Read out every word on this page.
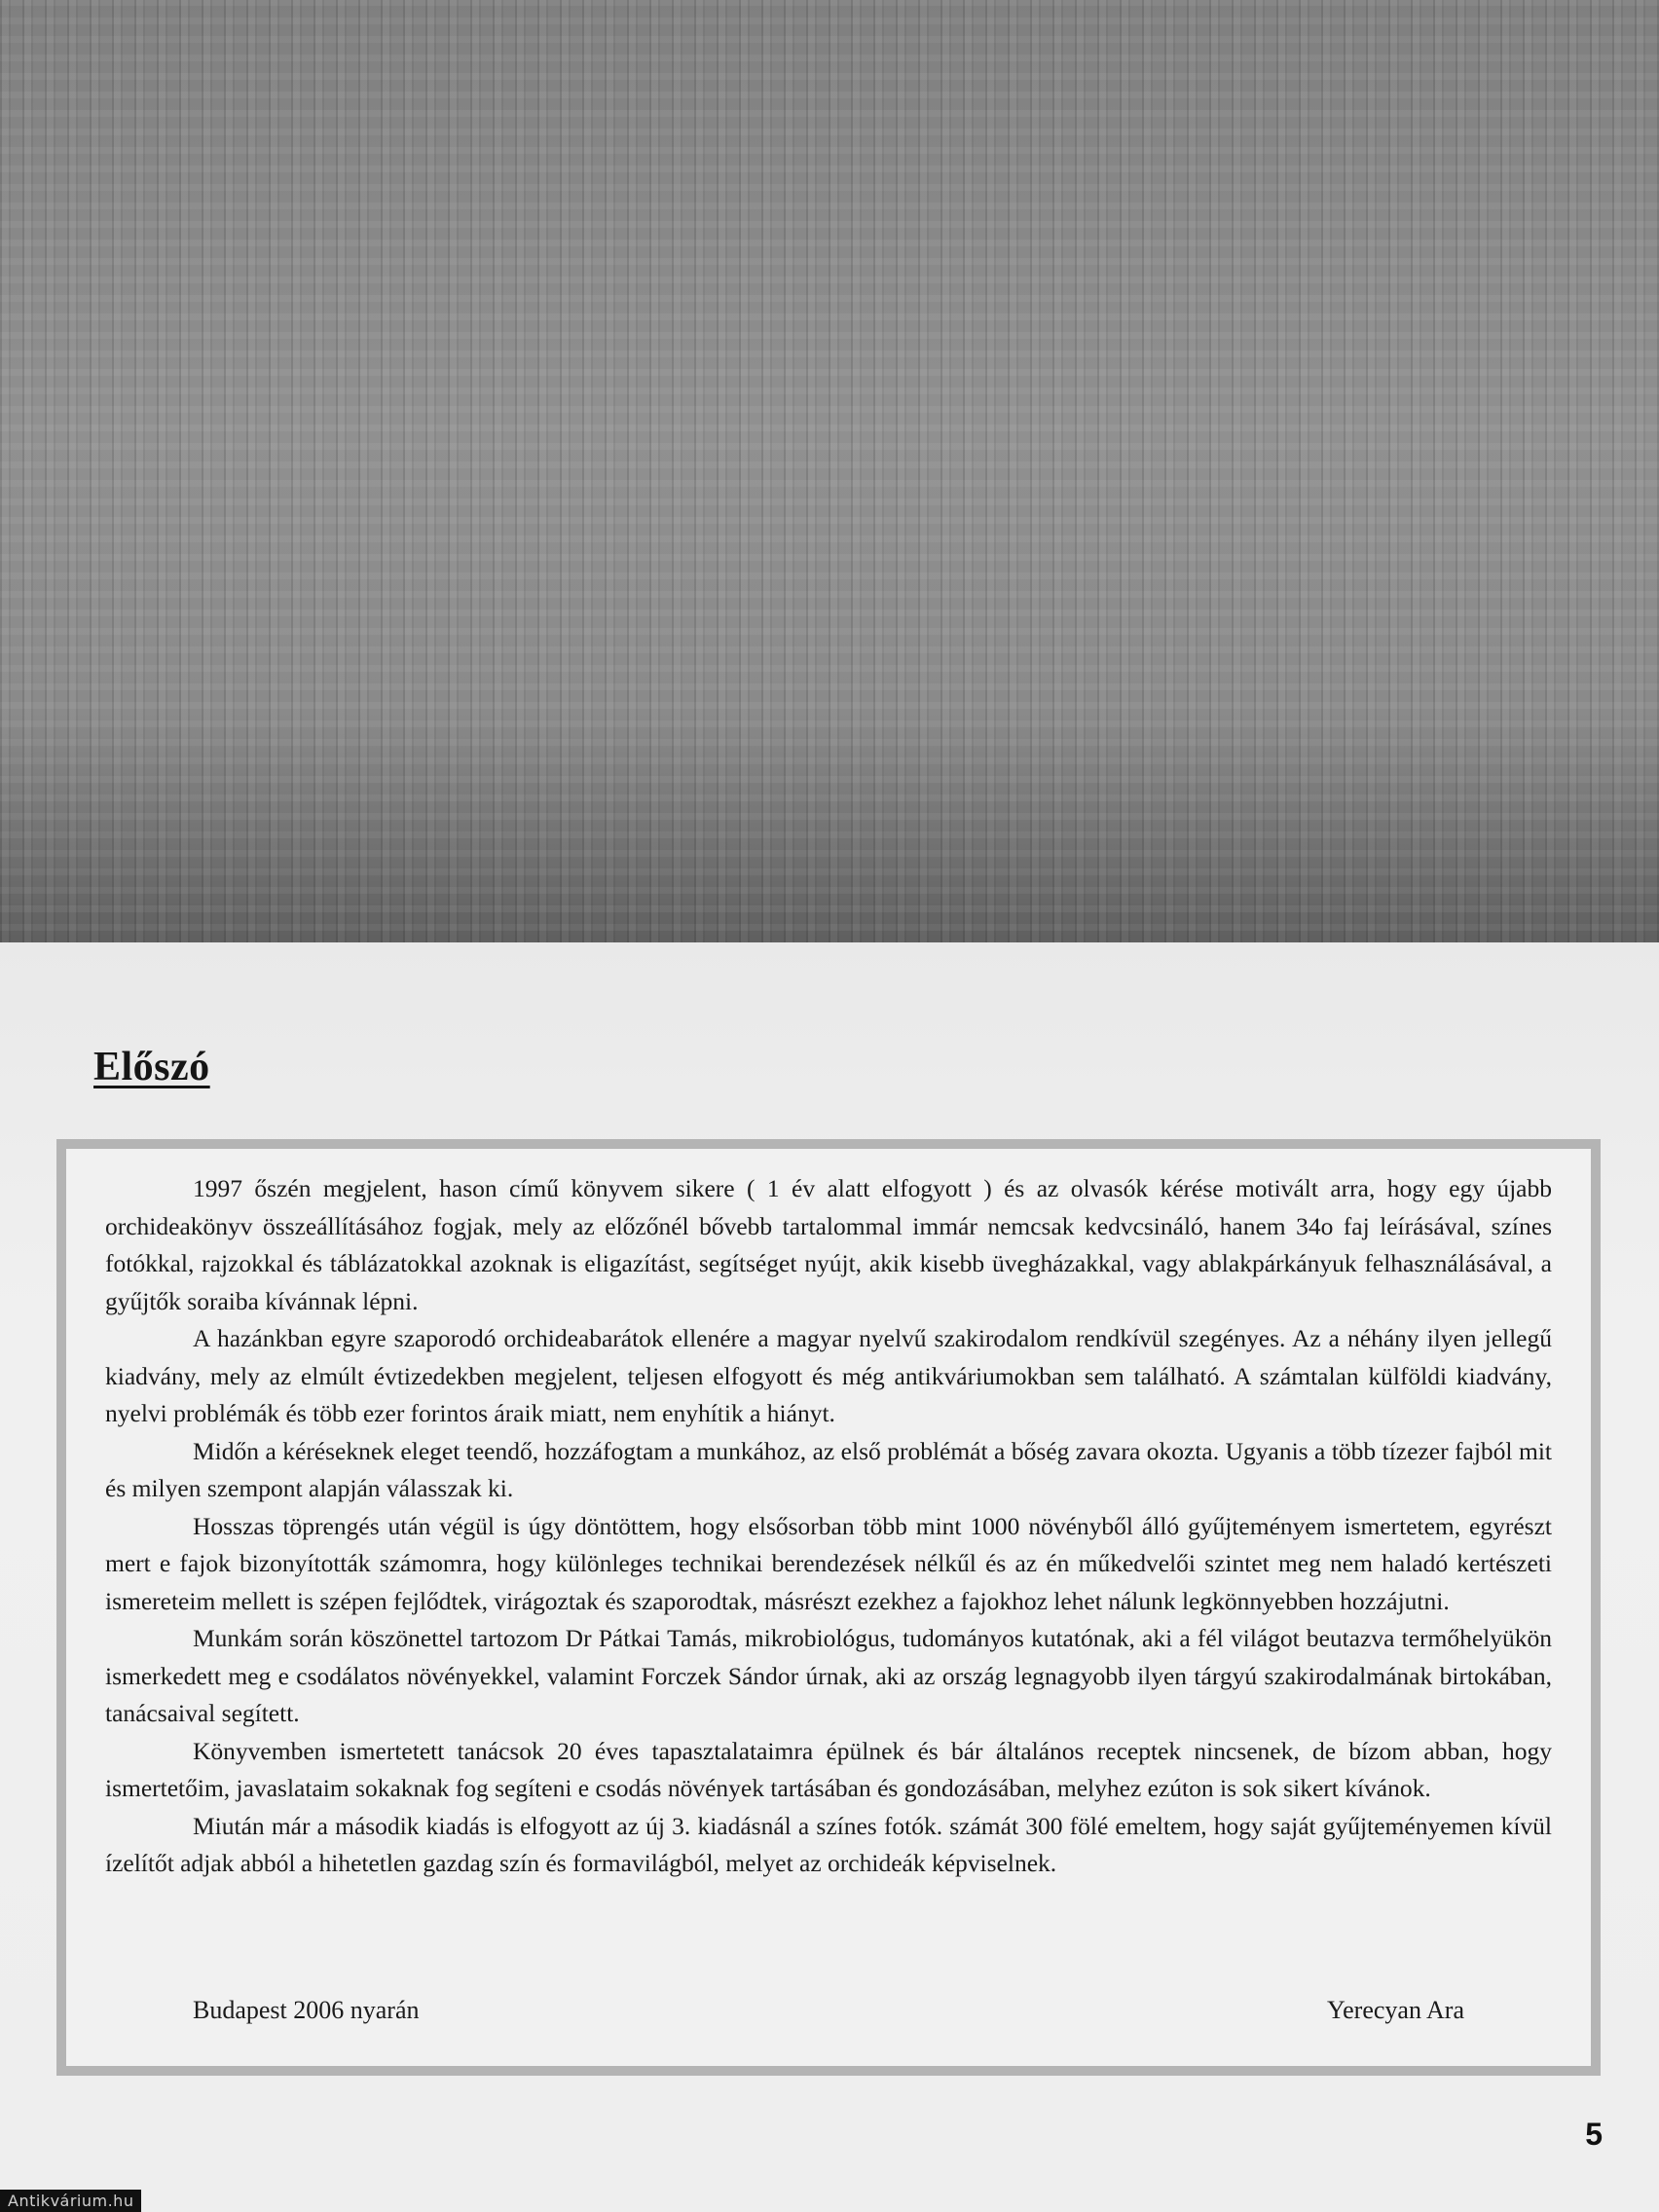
Előszó

1997 őszén megjelent, hason című könyvem sikere ( 1 év alatt elfogyott ) és az olvasók kérése motivált arra, hogy egy újabb orchideakönyv összeállításához fogjak, mely az előzőnél bővebb tartalommal immár nemcsak kedvcsináló, hanem 34o faj leírásával, színes fotókkal, rajzokkal és táblázatokkal azoknak is eligazítást, segítséget nyújt, akik kisebb üvegházakkal, vagy ablakpárkányuk felhasználásával, a gyűjtők soraiba kívánnak lépni.

A hazánkban egyre szaporodó orchideabarátok ellenére a magyar nyelvű szakirodalom rendkívül szegényes. Az a néhány ilyen jellegű kiadvány, mely az elmúlt évtizedekben megjelent, teljesen elfogyott és még antikváriumokban sem található. A számtalan külföldi kiadvány, nyelvi problémák és több ezer forintos áraik miatt, nem enyhítik a hiányt.

Midőn a kéréseknek eleget teendő, hozzáfogtam a munkához, az első problémát a bőség zavara okozta. Ugyanis a több tízezer fajból mit és milyen szempont alapján válasszak ki.

Hosszas töprengés után végül is úgy döntöttem, hogy elsősorban több mint 1000 növényből álló gyűjteményem ismertetem, egyrészt mert e fajok bizonyították számomra, hogy különleges technikai berendezések nélkűl és az én műkedvelői szintet meg nem haladó kertészeti ismereteim mellett is szépen fejlődtek, virágoztak és szaporodtak, másrészt ezekhez a fajokhoz lehet nálunk legkönnyebben hozzájutni.

Munkám során köszönettel tartozom Dr Pátkai Tamás, mikrobiológus, tudományos kutatónak, aki a fél világot beutazva termőhelyükön ismerkedett meg e csodálatos növényekkel, valamint Forczek Sándor úrnak, aki az ország legnagyobb ilyen tárgyú szakirodalmának birtokában, tanácsaival segített.

Könyvemben ismertetett tanácsok 20 éves tapasztalataimra épülnek és bár általános receptek nincsenek, de bízom abban, hogy ismertetőim, javaslataim sokaknak fog segíteni e csodás növények tartásában és gondozásában, melyhez ezúton is sok sikert kívánok.

Miután már a második kiadás is elfogyott az új 3. kiadásnál a színes fotók. számát 300 fölé emeltem, hogy saját gyűjteményemen kívül ízelítőt adjak abból a hihetetlen gazdag szín és formavilágból, melyet az orchideák képviselnek.

Budapest 2006 nyarán	Yerecyan Ara
5
Antikvárium.hu
